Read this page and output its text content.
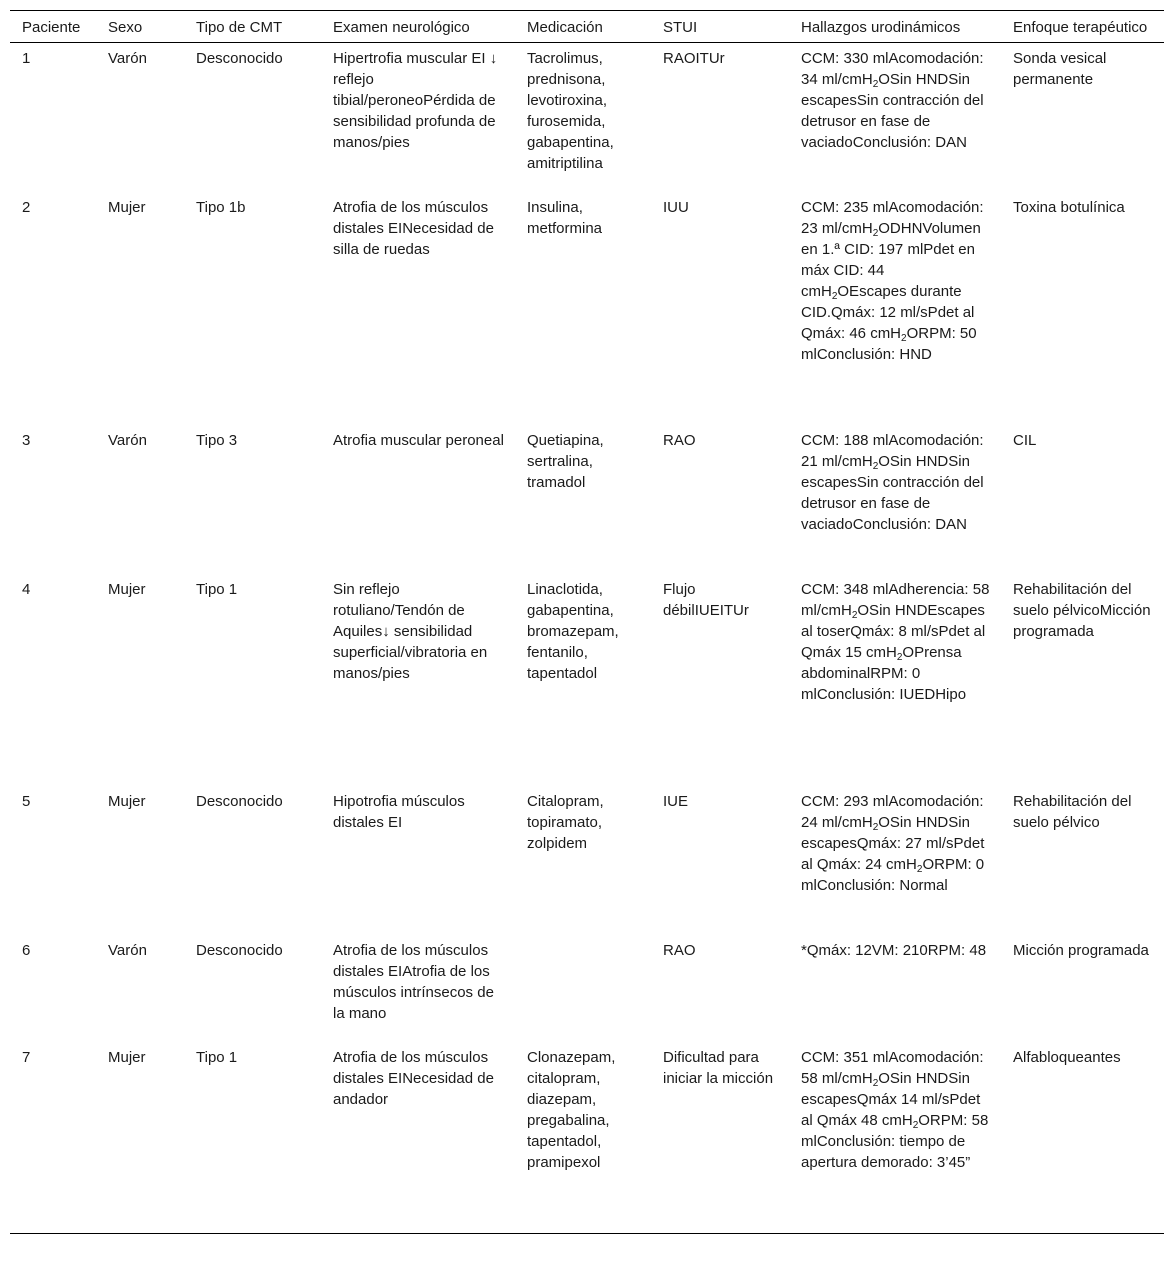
Paciente	Sexo	Tipo de CMT	Examen neurológico	Medicación	STUI	Hallazgos urodinámicos	Enfoque terapéutico
1	Varón	Desconocido	Hipertrofia muscular EI ↓ reflejo tibial/peroneoPérdida de sensibilidad profunda de manos/pies	Tacrolimus, prednisona, levotiroxina, furosemida, gabapentina, amitriptilina	RAOITUr	CCM: 330 mlAcomodación: 34 ml/cmH$_2$OSin HNDSin escapesSin contracción del detrusor en fase de vaciadoConclusión: DAN	Sonda vesical permanente
2	Mujer	Tipo 1b	Atrofia de los músculos distales EINecesidad de silla de ruedas	Insulina, metformina	IUU	CCM: 235 mlAcomodación: 23 ml/cmH$_2$ODHNVolumen en 1.ª CID: 197 mlPdet en máx CID: 44 cmH$_2$OEscapes durante CID.Qmáx: 12 ml/sPdet al Qmáx: 46 cmH$_2$ORPM: 50 mlConclusión: HND	Toxina botulínica
3	Varón	Tipo 3	Atrofia muscular peroneal	Quetiapina, sertralina, tramadol	RAO	CCM: 188 mlAcomodación: 21 ml/cmH$_2$OSin HNDSin escapesSin contracción del detrusor en fase de vaciadoConclusión: DAN	CIL
4	Mujer	Tipo 1	Sin reflejo rotuliano/Tendón de Aquiles↓ sensibilidad superficial/vibratoria en manos/pies	Linaclotida, gabapentina, bromazepam, fentanilo, tapentadol	Flujo débilIUEITUr	CCM: 348 mlAdherencia: 58 ml/cmH$_2$OSin HNDEscapes al toserQmáx: 8 ml/sPdet al Qmáx 15 cmH$_2$OPrensa abdominalRPM: 0 mlConclusión: IUEDHipo	Rehabilitación del suelo pélvicoMicción programada
5	Mujer	Desconocido	Hipotrofia músculos distales EI	Citalopram, topiramato, zolpidem	IUE	CCM: 293 mlAcomodación: 24 ml/cmH$_2$OSin HNDSin escapesQmáx: 27 ml/sPdet al Qmáx: 24 cmH$_2$ORPM: 0 mlConclusión: Normal	Rehabilitación del suelo pélvico
6	Varón	Desconocido	Atrofia de los músculos distales EIAtrofia de los músculos intrínsecos de la mano		RAO	*Qmáx: 12VM: 210RPM: 48	Micción programada
7	Mujer	Tipo 1	Atrofia de los músculos distales EINecesidad de andador	Clonazepam, citalopram, diazepam, pregabalina, tapentadol, pramipexol	Dificultad para iniciar la micción	CCM: 351 mlAcomodación: 58 ml/cmH$_2$OSin HNDSin escapesQmáx 14 ml/sPdet al Qmáx 48 cmH$_2$ORPM: 58 mlConclusión: tiempo de apertura demorado: 3’45”	Alfabloqueantes
